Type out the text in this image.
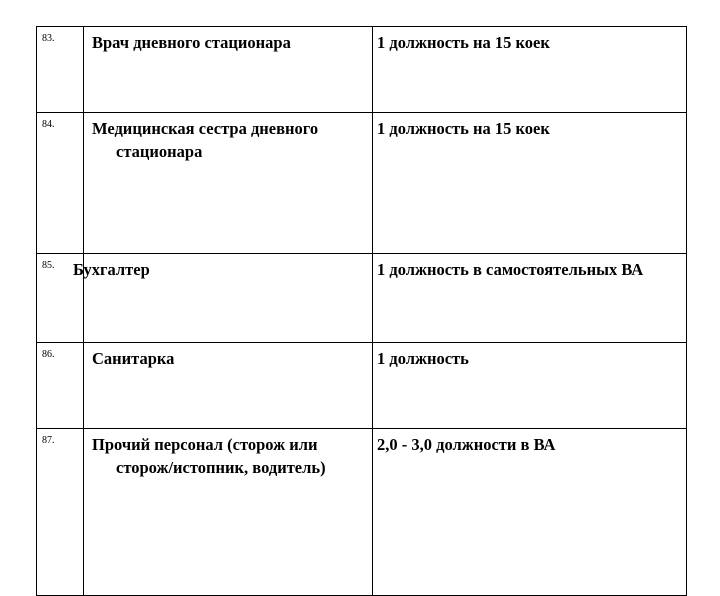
83.	Врач дневного стационара	1 должность на 15 коек

84.	Медицинская сестра дневного стационара	1 должность на 15 коек

85.	Бухгалтер	1 должность в самостоятельных ВА

86.	Санитарка	1 должность

87.	Прочий персонал (сторож или сторож/истопник, водитель)	2,0 - 3,0 должности в ВА
